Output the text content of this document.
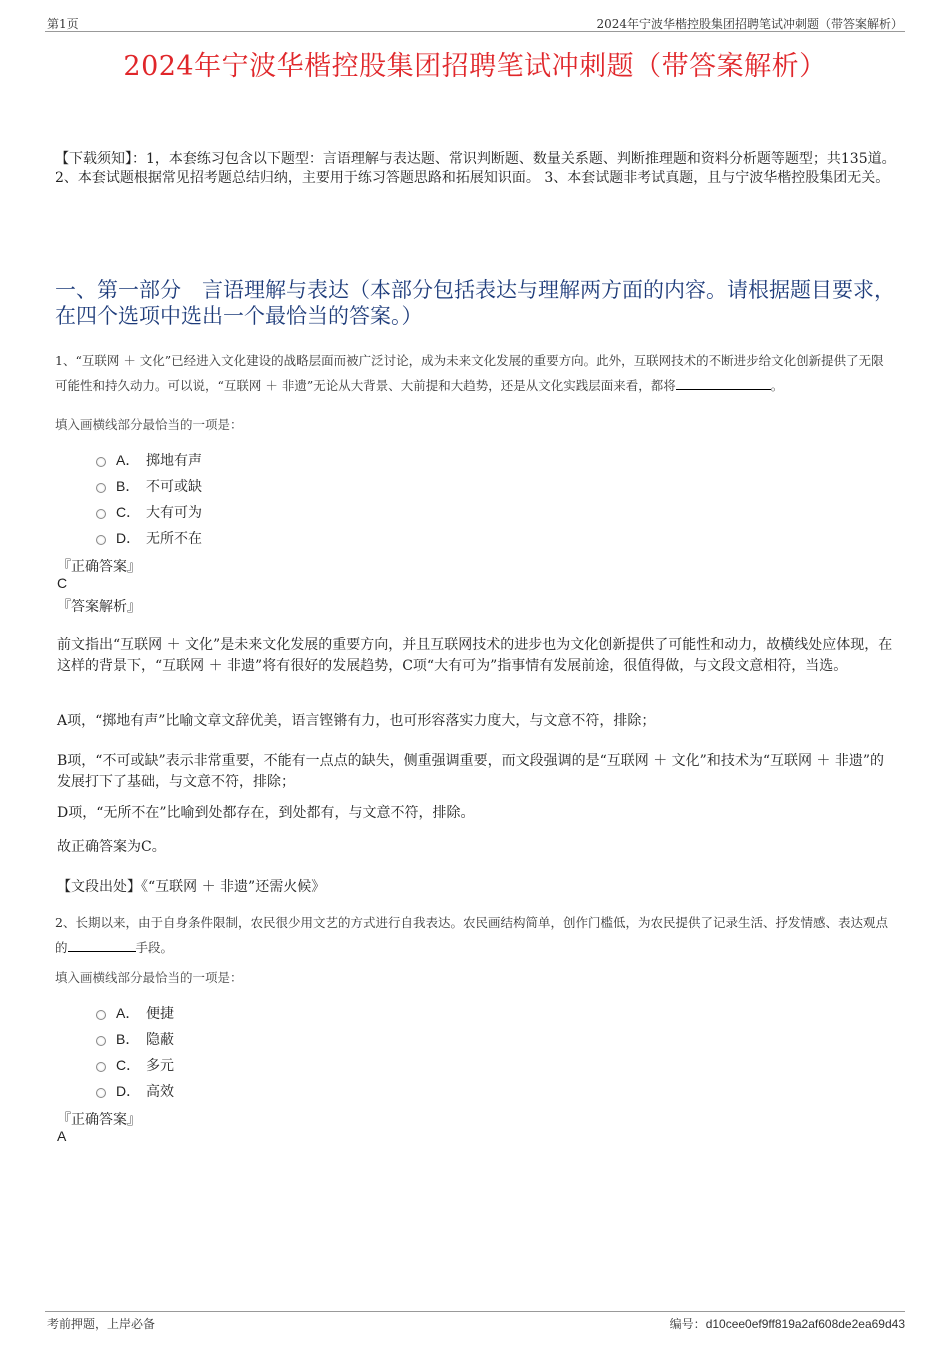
第1页	2024年宁波华楷控股集团招聘笔试冲刺题（带答案解析）
2024年宁波华楷控股集团招聘笔试冲刺题（带答案解析）
【下载须知】：1，本套练习包含以下题型：言语理解与表达题、常识判断题、数量关系题、判断推理题和资料分析题等题型；共135道。 2、本套试题根据常见招考题总结归纳，主要用于练习答题思路和拓展知识面。 3、本套试题非考试真题，且与宁波华楷控股集团无关。
一、第一部分　言语理解与表达（本部分包括表达与理解两方面的内容。请根据题目要求，在四个选项中选出一个最恰当的答案。）
1、“互联网 ＋ 文化”已经进入文化建设的战略层面而被广泛讨论，成为未来文化发展的重要方向。此外，互联网技术的不断进步给文化创新提供了无限可能性和持久动力。可以说，“互联网 ＋ 非遗”无论从大背景、大前提和大趋势，还是从文化实践层面来看，都将	。
填入画横线部分最恰当的一项是：
A． 掷地有声
B． 不可或缺
C． 大有可为
D． 无所不在
『正确答案』
C
『答案解析』
前文指出“互联网 ＋ 文化”是未来文化发展的重要方向，并且互联网技术的进步也为文化创新提供了可能性和动力，故横线处应体现，在这样的背景下，“互联网 ＋ 非遗”将有很好的发展趋势，C项“大有可为”指事情有发展前途，很值得做，与文段文意相符，当选。
A项，“掷地有声”比喻文章文辞优美，语言铿锵有力，也可形容落实力度大，与文意不符，排除；
B项，“不可或缺”表示非常重要，不能有一点点的缺失，侧重强调重要，而文段强调的是“互联网 ＋ 文化”和技术为“互联网 ＋ 非遗”的发展打下了基础，与文意不符，排除；
D项，“无所不在”比喻到处都存在，到处都有，与文意不符，排除。
故正确答案为C。
【文段出处】《“互联网 ＋ 非遗”还需火候》
2、长期以来，由于自身条件限制，农民很少用文艺的方式进行自我表达。农民画结构简单，创作门槛低，为农民提供了记录生活、抒发情感、表达观点的	手段。
填入画横线部分最恰当的一项是：
A． 便捷
B． 隐蔽
C． 多元
D． 高效
『正确答案』
A
考前押题，上岸必备	编号：d10cee0ef9ff819a2af608de2ea69d43
